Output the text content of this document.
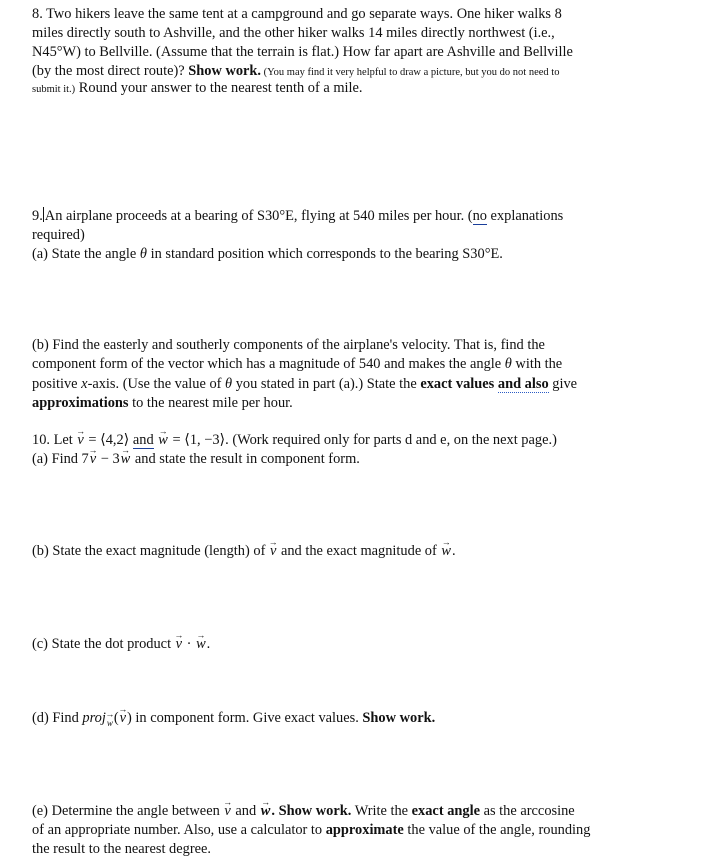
8. Two hikers leave the same tent at a campground and go separate ways. One hiker walks 8
miles directly south to Ashville, and the other hiker walks 14 miles directly northwest (i.e.,
N45°W) to Bellville. (Assume that the terrain is flat.) How far apart are Ashville and Bellville
(by the most direct route)? Show work. (You may find it very helpful to draw a picture, but you do not need to
submit it.) Round your answer to the nearest tenth of a mile.
9. An airplane proceeds at a bearing of S30°E, flying at 540 miles per hour. (no explanations
required)
(a) State the angle θ in standard position which corresponds to the bearing S30°E.
(b) Find the easterly and southerly components of the airplane's velocity. That is, find the
component form of the vector which has a magnitude of 540 and makes the angle θ with the
positive x-axis. (Use the value of θ you stated in part (a).) State the exact values and also give
approximations to the nearest mile per hour.
10. Let → v = ⟨4,2⟩ and → w = ⟨1, −3⟩. (Work required only for parts d and e, on the next page.)
(a) Find 7→ v − 3→ w and state the result in component form.
(b) State the exact magnitude (length) of → v and the exact magnitude of → w.
(c) State the dot product → v · → w.
(d) Find proj→ $_w$(→ v) in component form. Give exact values. Show work.
(e) Determine the angle between → v and → w. Show work. Write the exact angle as the arccosine
of an appropriate number. Also, use a calculator to approximate the value of the angle, rounding
the result to the nearest degree.
